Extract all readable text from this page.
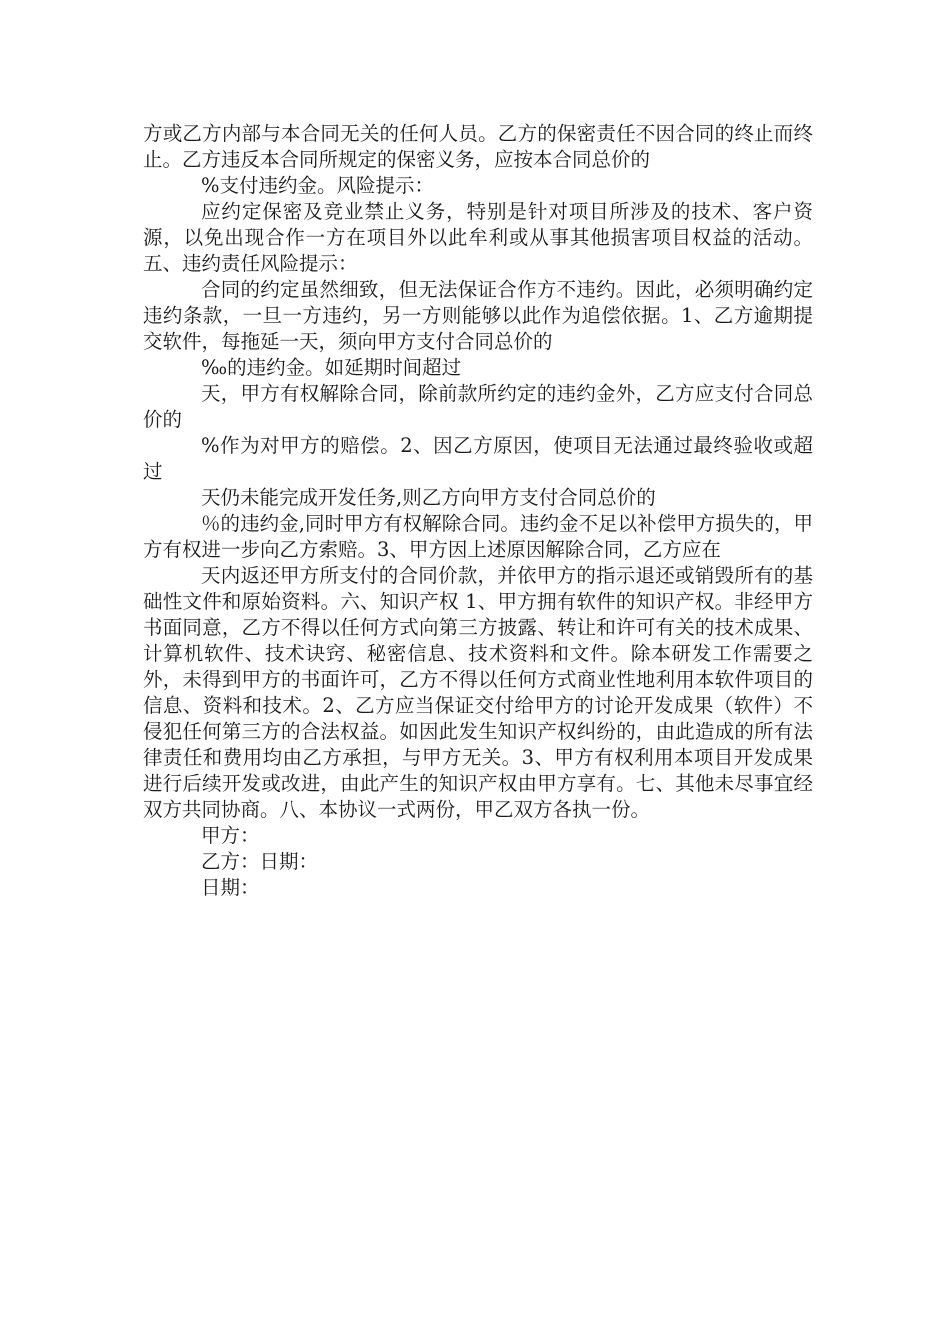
方或乙方内部与本合同无关的任何人员。乙方的保密责任不因合同的终止而终止。乙方违反本合同所规定的保密义务，应按本合同总价的

%支付违约金。风险提示：

应约定保密及竞业禁止义务，特别是针对项目所涉及的技术、客户资源，以免出现合作一方在项目外以此牟利或从事其他损害项目权益的活动。五、违约责任风险提示：

合同的约定虽然细致，但无法保证合作方不违约。因此，必须明确约定违约条款，一旦一方违约，另一方则能够以此作为追偿依据。1、乙方逾期提交软件，每拖延一天，须向甲方支付合同总价的

‰的违约金。如延期时间超过

天，甲方有权解除合同，除前款所约定的违约金外，乙方应支付合同总价的

%作为对甲方的赔偿。2、因乙方原因，使项目无法通过最终验收或超过

天仍未能完成开发任务,则乙方向甲方支付合同总价的

％的违约金,同时甲方有权解除合同。违约金不足以补偿甲方损失的，甲方有权进一步向乙方索赔。3、甲方因上述原因解除合同，乙方应在

天内返还甲方所支付的合同价款，并依甲方的指示退还或销毁所有的基础性文件和原始资料。六、知识产权 1、甲方拥有软件的知识产权。非经甲方书面同意，乙方不得以任何方式向第三方披露、转让和许可有关的技术成果、计算机软件、技术诀窍、秘密信息、技术资料和文件。除本研发工作需要之外，未得到甲方的书面许可，乙方不得以任何方式商业性地利用本软件项目的信息、资料和技术。2、乙方应当保证交付给甲方的讨论开发成果（软件）不侵犯任何第三方的合法权益。如因此发生知识产权纠纷的，由此造成的所有法律责任和费用均由乙方承担，与甲方无关。3、甲方有权利用本项目开发成果进行后续开发或改进，由此产生的知识产权由甲方享有。七、其他未尽事宜经双方共同协商。八、本协议一式两份，甲乙双方各执一份。

甲方：

乙方：日期：

日期：
